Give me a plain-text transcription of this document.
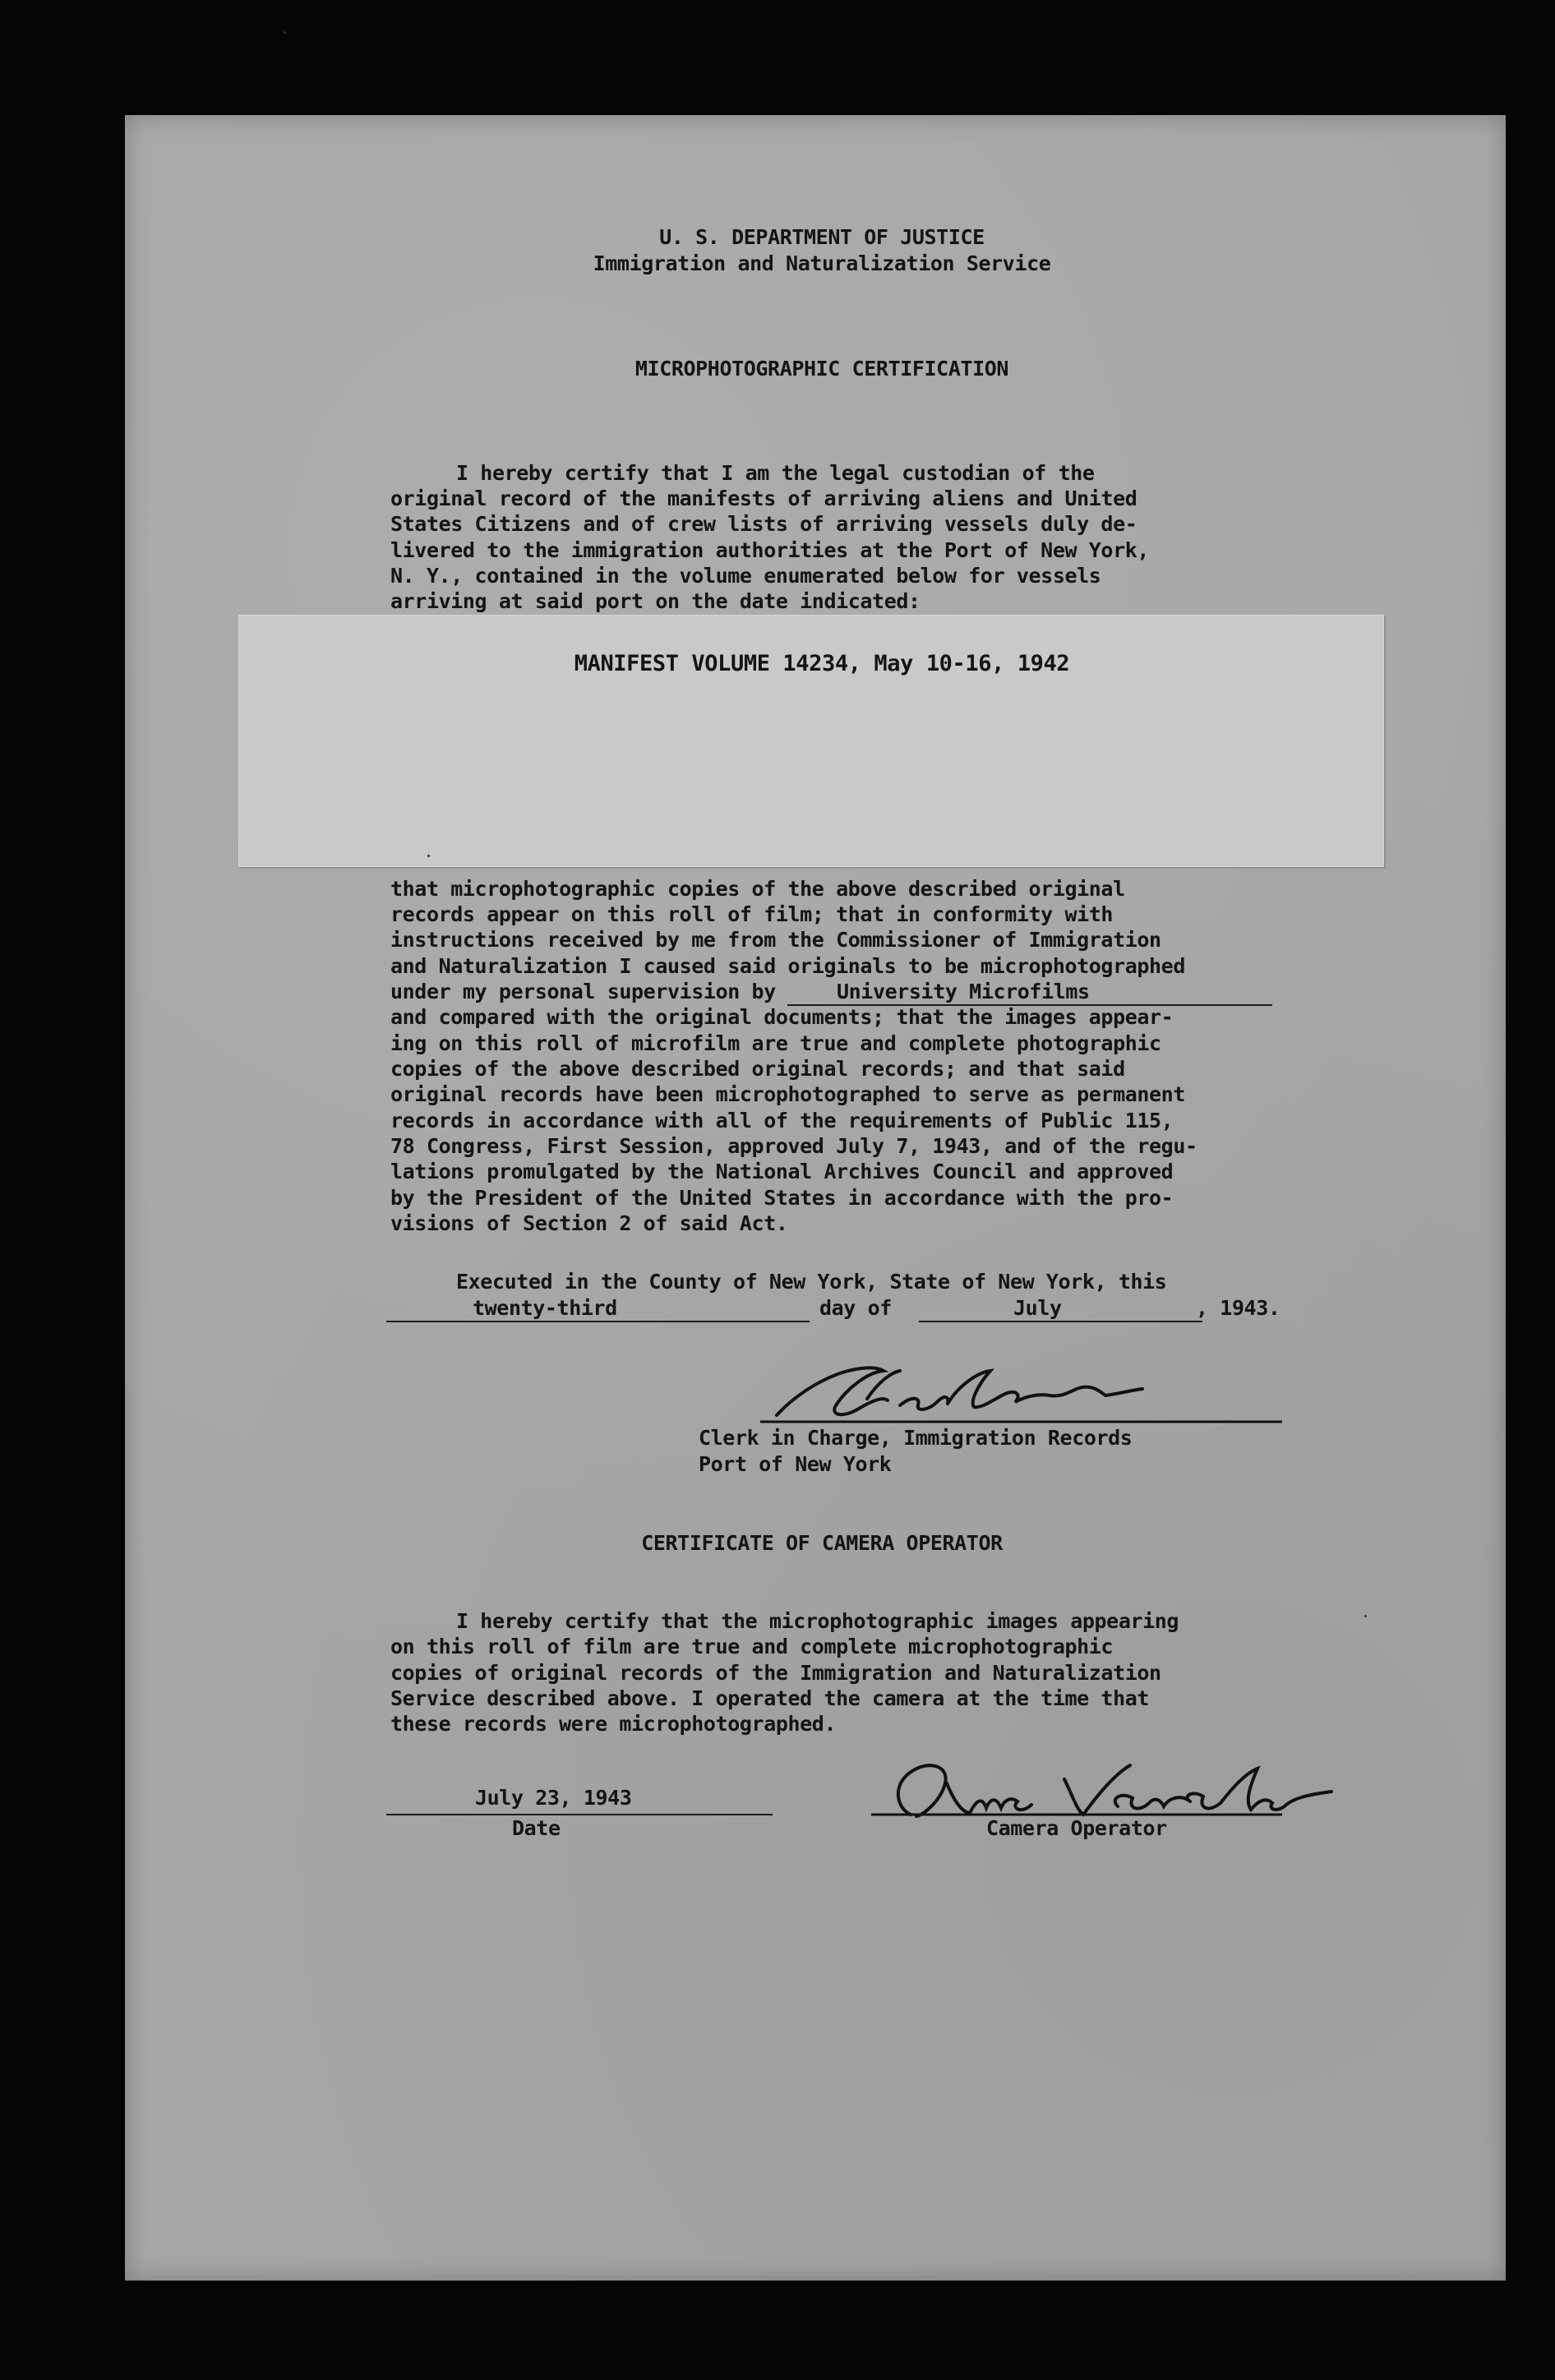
U. S. DEPARTMENT OF JUSTICE
Immigration and Naturalization Service
MICROPHOTOGRAPHIC CERTIFICATION
I hereby certify that I am the legal custodian of the
original record of the manifests of arriving aliens and United
States Citizens and of crew lists of arriving vessels duly de-
livered to the immigration authorities at the Port of New York,
N. Y., contained in the volume enumerated below for vessels
arriving at said port on the date indicated:
MANIFEST VOLUME 14234, May 10-16, 1942
that microphotographic copies of the above described original
records appear on this roll of film; that in conformity with
instructions received by me from the Commissioner of Immigration
and Naturalization I caused said originals to be microphotographed
under my personal supervision by	University Microfilms
and compared with the original documents; that the images appear-
ing on this roll of microfilm are true and complete photographic
copies of the above described original records; and that said
original records have been microphotographed to serve as permanent
records in accordance with all of the requirements of Public 115,
78 Congress, First Session, approved July 7, 1943, and of the regu-
lations promulgated by the National Archives Council and approved
by the President of the United States in accordance with the pro-
visions of Section 2 of said Act.
Executed in the County of New York, State of New York, this
twenty-third	day of	July	, 1943.
Clerk in Charge, Immigration Records
Port of New York
CERTIFICATE OF CAMERA OPERATOR
I hereby certify that the microphotographic images appearing
on this roll of film are true and complete microphotographic
copies of original records of the Immigration and Naturalization
Service described above. I operated the camera at the time that
these records were microphotographed.
July 23, 1943
Date	Camera Operator
